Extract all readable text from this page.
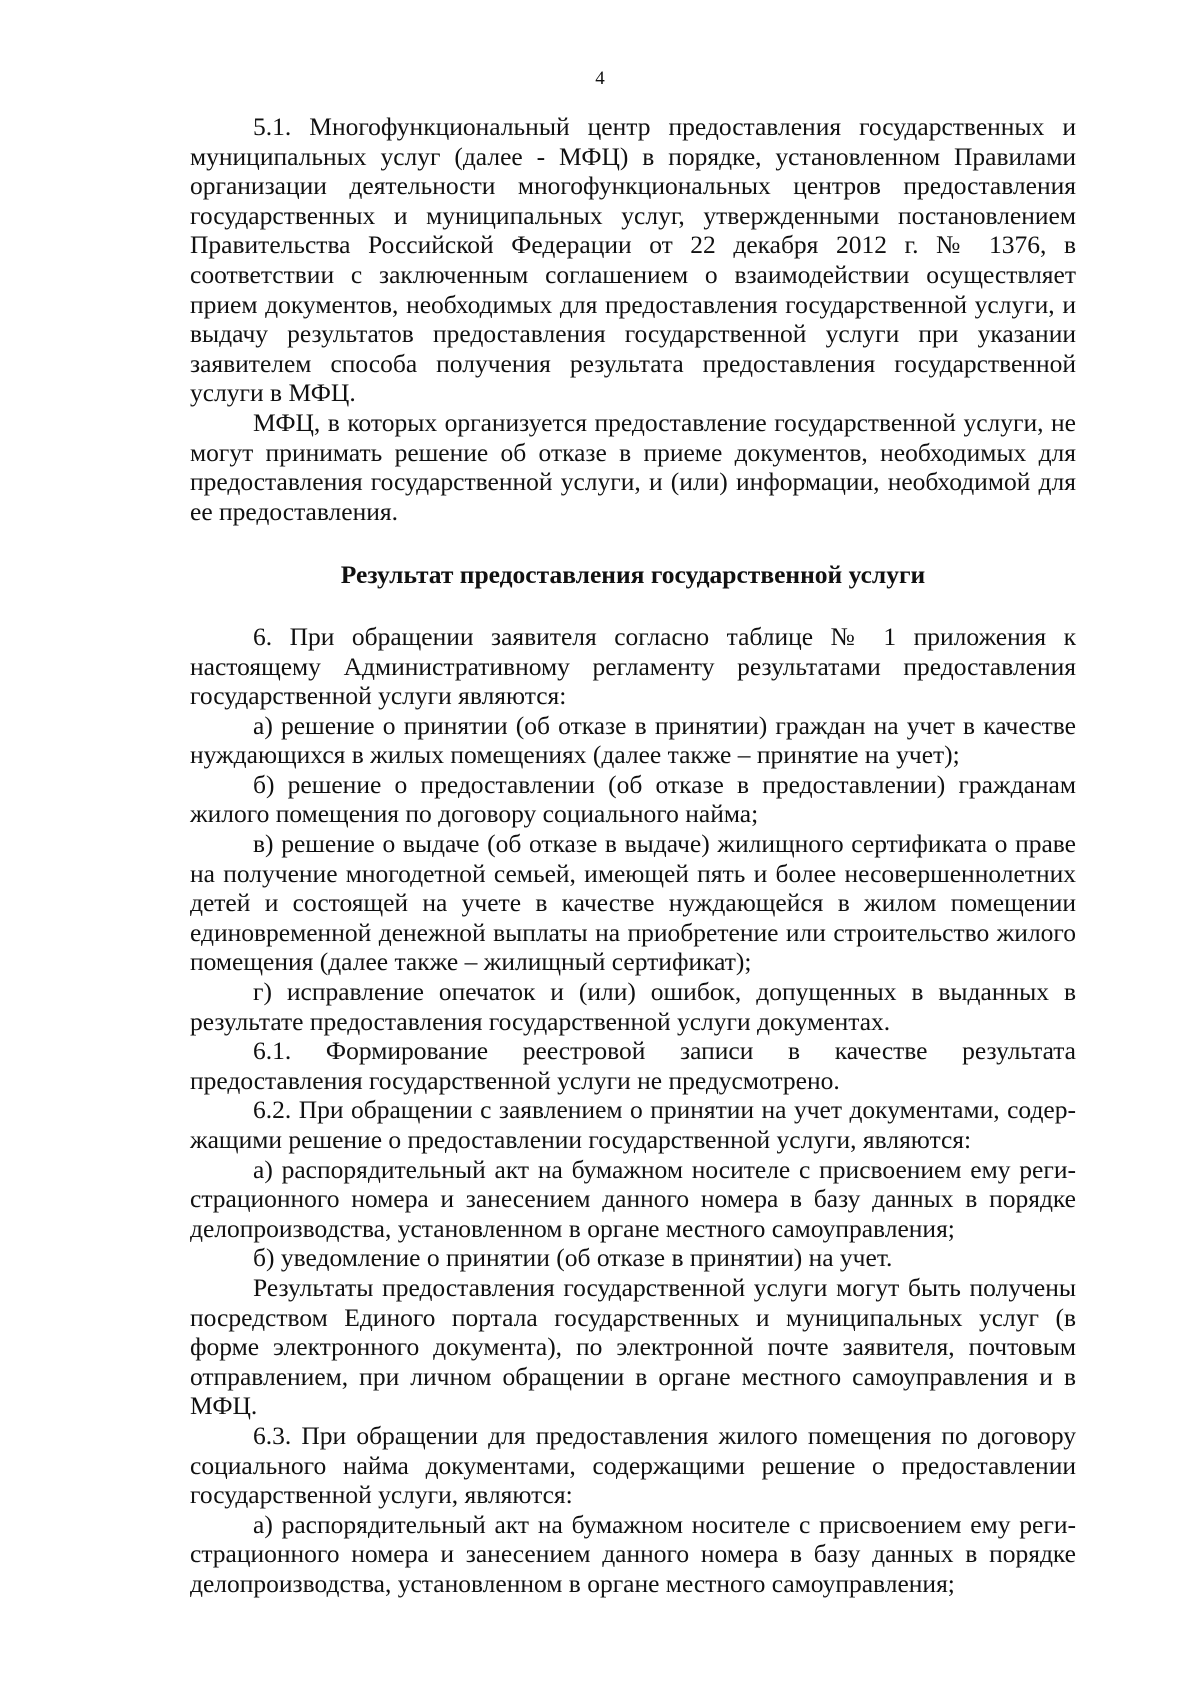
4

5.1. Многофункциональный центр предоставления государственных и муниципальных услуг (далее - МФЦ) в порядке, установленном Правилами организации деятельности многофункциональных центров предоставления государственных и муниципальных услуг, утвержденными постановлением Правительства Российской Федерации от 22 декабря 2012 г. № 1376, в соответствии с заключенным соглашением о взаимодействии осуществляет прием документов, необходимых для предоставления государственной услуги, и выдачу результатов предоставления государственной услуги при указании заявителем способа получения результата предоставления государственной услуги в МФЦ.

МФЦ, в которых организуется предоставление государственной услуги, не могут принимать решение об отказе в приеме документов, необходимых для предоставления государственной услуги, и (или) информации, необходимой для ее предоставления.

Результат предоставления государственной услуги

6. При обращении заявителя согласно таблице № 1 приложения к настоящему Административному регламенту результатами предоставления государственной услуги являются:

а) решение о принятии (об отказе в принятии) граждан на учет в качестве нуждающихся в жилых помещениях (далее также – принятие на учет);

б) решение о предоставлении (об отказе в предоставлении) гражданам жилого помещения по договору социального найма;

в) решение о выдаче (об отказе в выдаче) жилищного сертификата о праве на получение многодетной семьей, имеющей пять и более несовершеннолетних детей и состоящей на учете в качестве нуждающейся в жилом помещении единовременной денежной выплаты на приобретение или строительство жилого помещения (далее также – жилищный сертификат);

г) исправление опечаток и (или) ошибок, допущенных в выданных в результате предоставления государственной услуги документах.

6.1. Формирование реестровой записи в качестве результата предоставления государственной услуги не предусмотрено.

6.2. При обращении с заявлением о принятии на учет документами, содержащими решение о предоставлении государственной услуги, являются:

а) распорядительный акт на бумажном носителе с присвоением ему регистрационного номера и занесением данного номера в базу данных в порядке делопроизводства, установленном в органе местного самоуправления;

б) уведомление о принятии (об отказе в принятии) на учет.

Результаты предоставления государственной услуги могут быть получены посредством Единого портала государственных и муниципальных услуг (в форме электронного документа), по электронной почте заявителя, почтовым отправлением, при личном обращении в органе местного самоуправления и в МФЦ.

6.3. При обращении для предоставления жилого помещения по договору социального найма документами, содержащими решение о предоставлении государственной услуги, являются:

а) распорядительный акт на бумажном носителе с присвоением ему регистрационного номера и занесением данного номера в базу данных в порядке делопроизводства, установленном в органе местного самоуправления;
